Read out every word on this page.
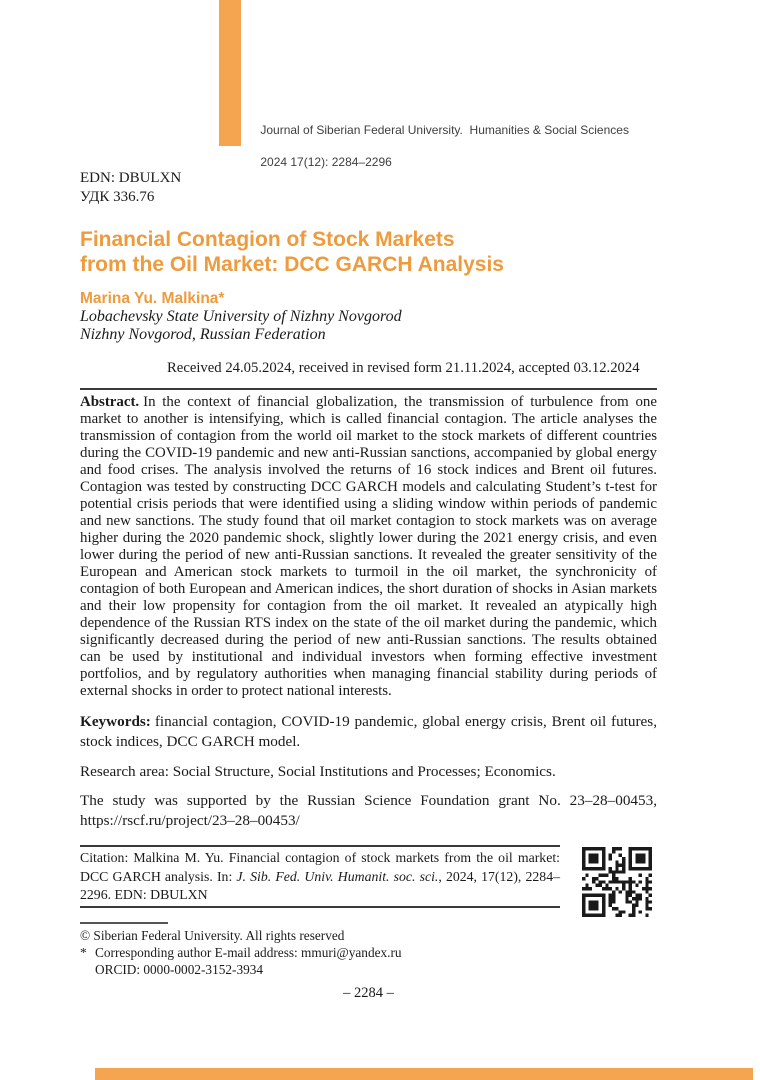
Journal of Siberian Federal University.  Humanities & Social Sciences

2024 17(12): 2284–2296

EDN: DBULXN
УДК 336.76
Financial Contagion of Stock Markets
from the Oil Market: DCC GARCH Analysis
Marina Yu. Malkina*
Lobachevsky State University of Nizhny Novgorod
Nizhny Novgorod, Russian Federation
Received 24.05.2024, received in revised form 21.11.2024, accepted 03.12.2024
Abstract. In the context of financial globalization, the transmission of turbulence from one market to another is intensifying, which is called financial contagion. The article analyses the transmission of contagion from the world oil market to the stock markets of different countries during the COVID-19 pandemic and new anti-Russian sanctions, accompanied by global energy and food crises. The analysis involved the returns of 16 stock indices and Brent oil futures. Contagion was tested by constructing DCC GARCH models and calculating Student’s t-test for potential crisis periods that were identified using a sliding window within periods of pandemic and new sanctions. The study found that oil market contagion to stock markets was on average higher during the 2020 pandemic shock, slightly lower during the 2021 energy crisis, and even lower during the period of new anti-Russian sanctions. It revealed the greater sensitivity of the European and American stock markets to turmoil in the oil market, the synchronicity of contagion of both European and American indices, the short duration of shocks in Asian markets and their low propensity for contagion from the oil market. It revealed an atypically high dependence of the Russian RTS index on the state of the oil market during the pandemic, which significantly decreased during the period of new anti-Russian sanctions. The results obtained can be used by institutional and individual investors when forming effective investment portfolios, and by regulatory authorities when managing financial stability during periods of external shocks in order to protect national interests.
Keywords: financial contagion, COVID-19 pandemic, global energy crisis, Brent oil futures, stock indices, DCC GARCH model.
Research area: Social Structure, Social Institutions and Processes; Economics.
The study was supported by the Russian Science Foundation grant No. 23–28–00453, https://rscf.ru/project/23–28–00453/
Citation: Malkina M. Yu. Financial contagion of stock markets from the oil market: DCC GARCH analysis. In: J. Sib. Fed. Univ. Humanit. soc. sci., 2024, 17(12), 2284–2296. EDN: DBULXN
© Siberian Federal University. All rights reserved
* Corresponding author E-mail address: mmuri@yandex.ru
ORCID: 0000-0002-3152-3934
– 2284 –
